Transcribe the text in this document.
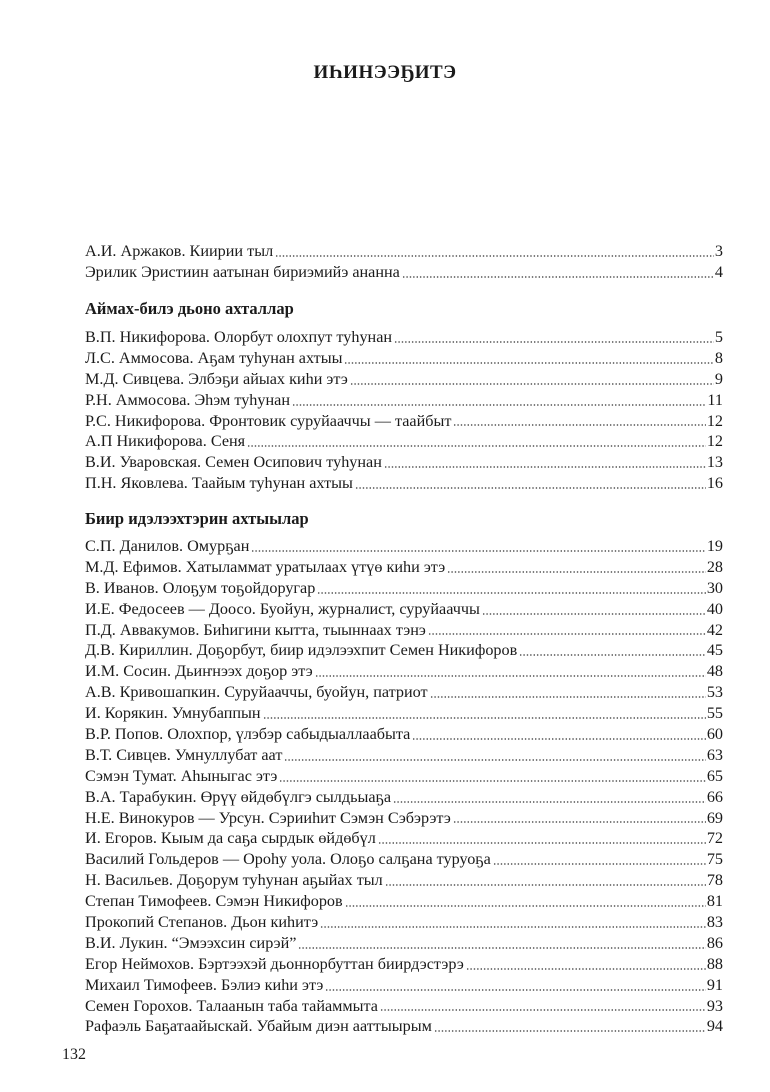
ИҺИНЭЭҔИТЭ
А.И. Аржаков. Киирии тыл	3
Эрилик Эристиин аатынан бириэмийэ ананна	4
Аймах-билэ дьоно ахталлар
В.П. Никифорова. Олорбут олохпут туһунан	5
Л.С. Аммосова. Аҕам туһунан ахтыы	8
М.Д. Сивцева. Элбэҕи айыах киһи этэ	9
Р.Н. Аммосова. Эһэм туһунан	11
Р.С. Никифорова. Фронтовик суруйааччы — таайбыт	12
А.П Никифорова. Сеня	12
В.И. Уваровская. Семен Осипович туһунан	13
П.Н. Яковлева. Таайым туһунан ахтыы	16
Биир идэлээхтэрин ахтыылар
С.П. Данилов. Омурҕан	19
М.Д. Ефимов. Хатыламмат уратылаах үтүө киһи этэ	28
В. Иванов. Олоҕум тоҕойдоругар	30
И.Е. Федосеев — Доосо. Буойун, журналист, суруйааччы	40
П.Д. Аввакумов. Биһигини кытта, тыыннаах тэнэ	42
Д.В. Кириллин. Доҕорбут, биир идэлээхпит Семен Никифоров	45
И.М. Сосин. Дьиҥнээх доҕор этэ	48
А.В. Кривошапкин. Суруйааччы, буойун, патриот	53
И. Корякин. Умнубаппын	55
В.Р. Попов. Олохпор, үлэбэр сабыдыаллаабыта	60
В.Т. Сивцев. Умнуллубат аат	63
Сэмэн Тумат. Аһыныгас этэ	65
В.А. Тарабукин. Өрүү өйдөбүлгэ сылдьыаҕа	66
Н.Е. Винокуров — Урсун. Сэрииһит Сэмэн Сэбэрэтэ	69
И. Егоров. Кыым да саҕа сырдык өйдөбүл	72
Василий Гольдеров — Ороһу уола. Олоҕо салҕана туруоҕа	75
Н. Васильев. Доҕорум туһунан аҕыйах тыл	78
Степан Тимофеев. Сэмэн Никифоров	81
Прокопий Степанов. Дьон киһитэ	83
В.И. Лукин. “Эмээхсин сирэй”	86
Егор Неймохов. Бэртээхэй дьоннорбуттан биирдэстэрэ	88
Михаил Тимофеев. Бэлиэ киһи этэ	91
Семен Горохов. Талаанын таба тайаммыта	93
Рафаэль Баҕатаайыскай. Убайым диэн ааттыырым	94
132
